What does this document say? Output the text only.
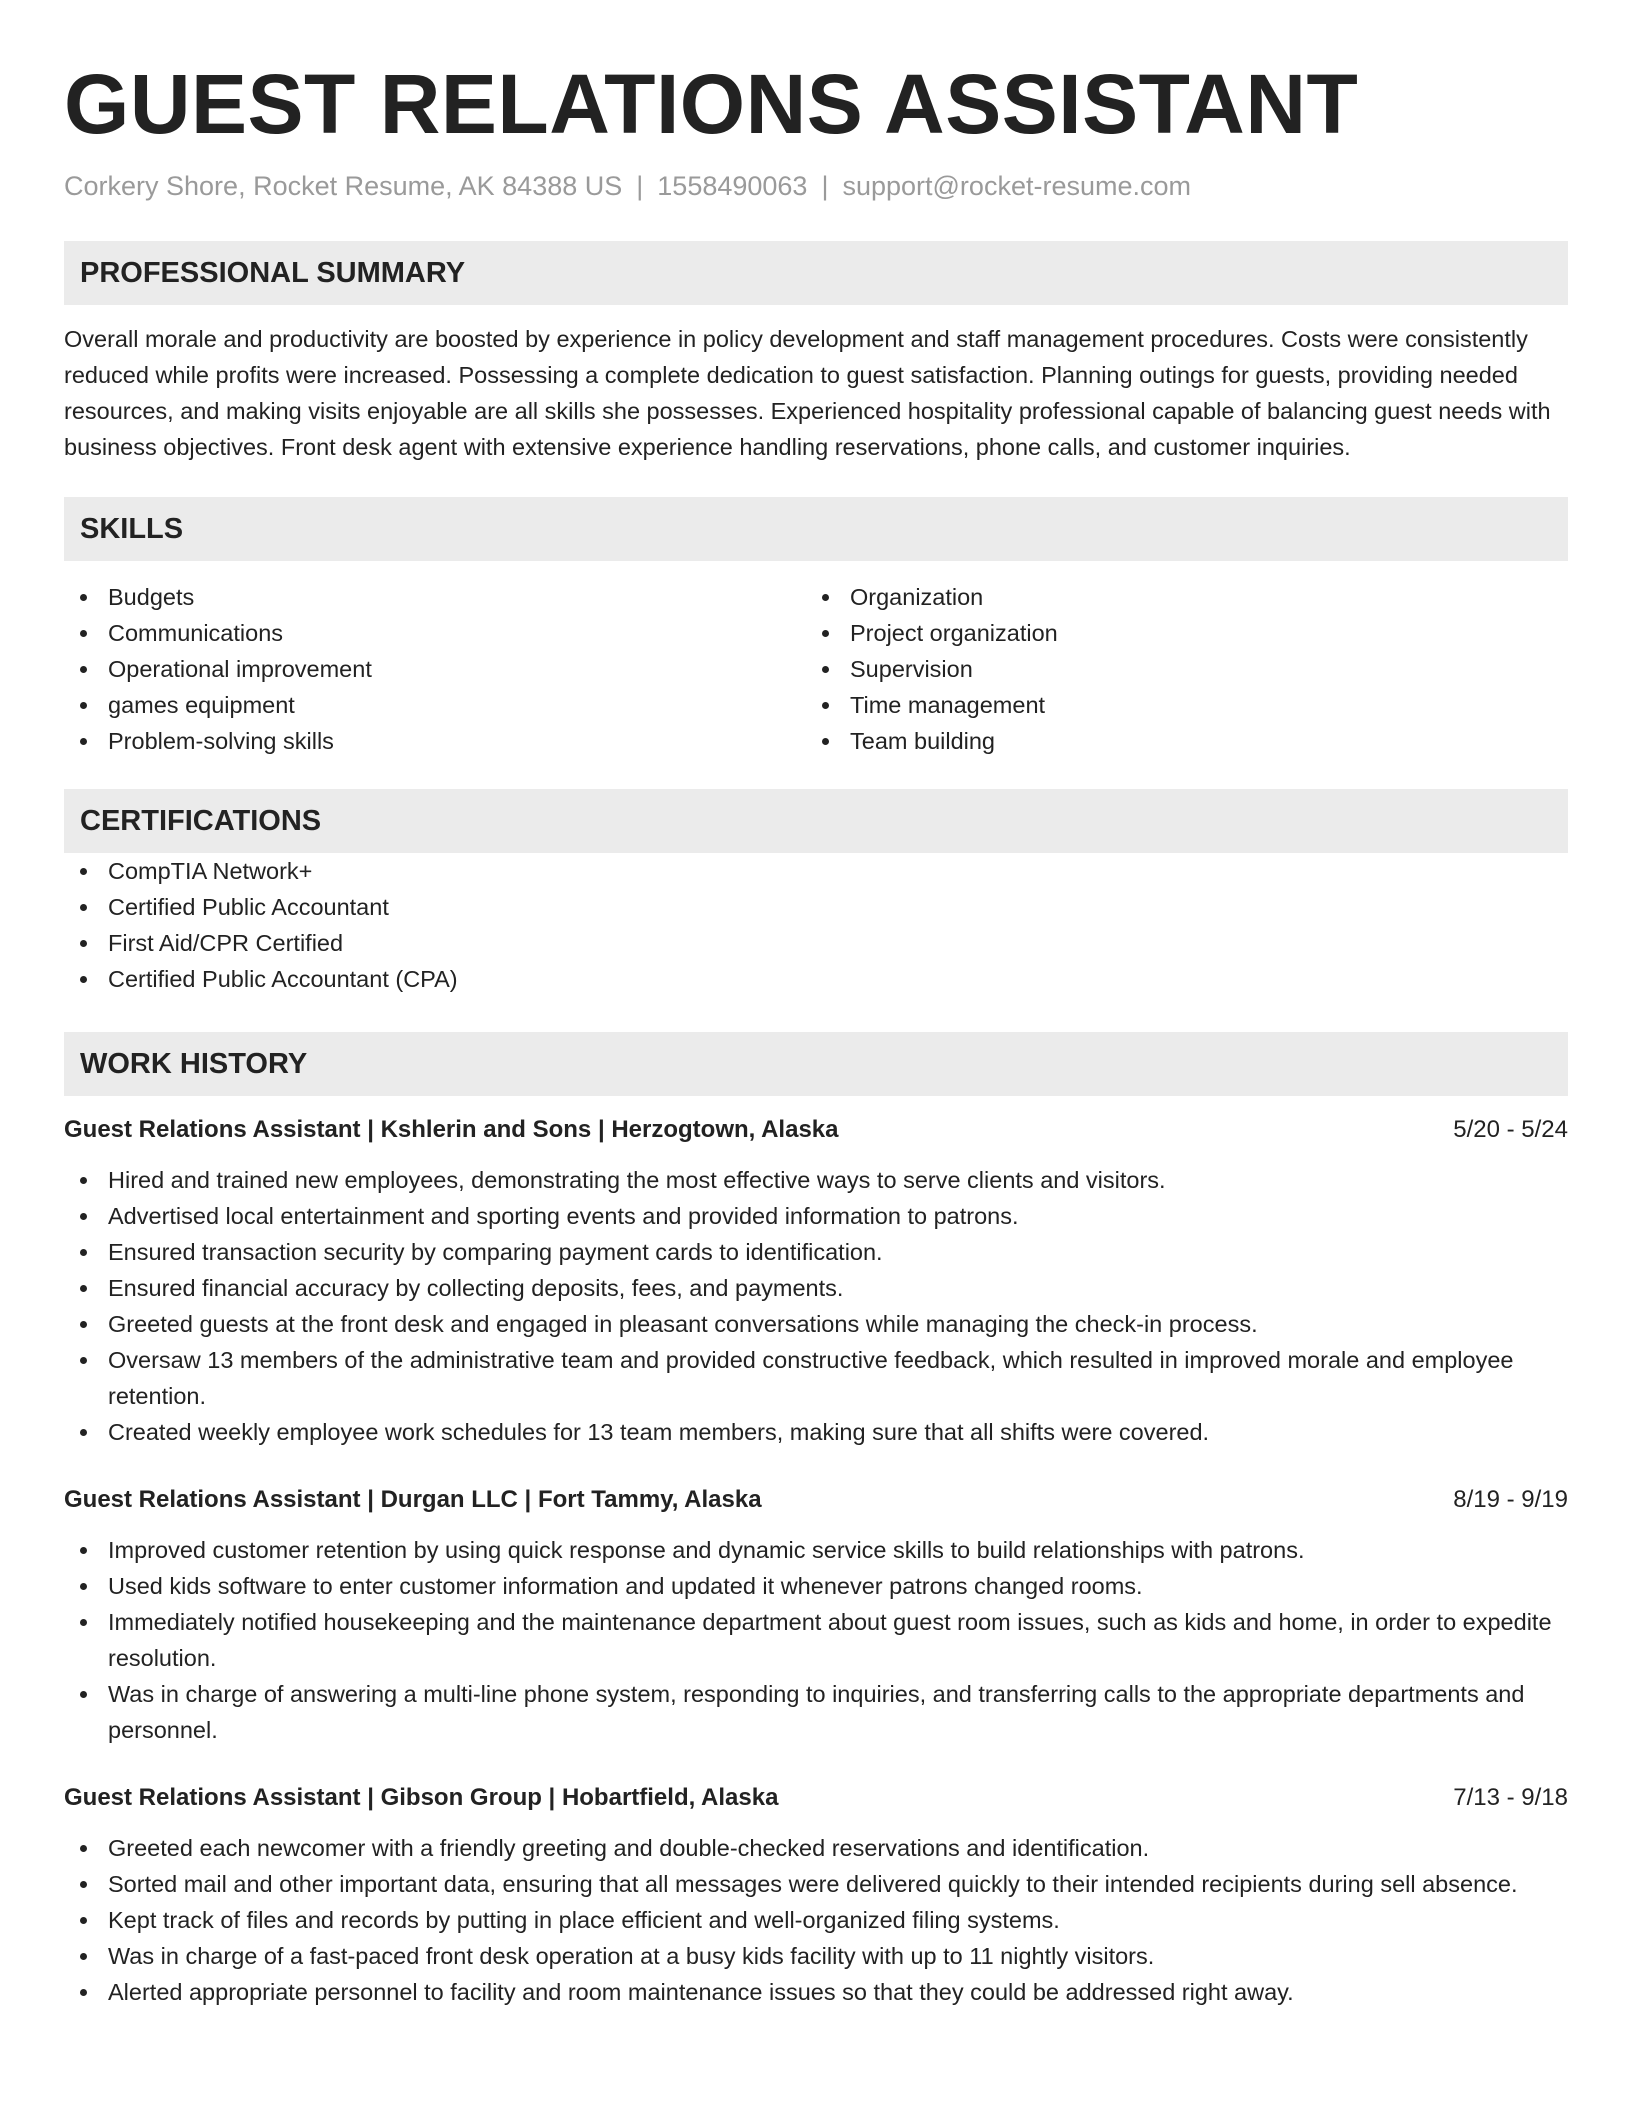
GUEST RELATIONS ASSISTANT
Corkery Shore, Rocket Resume, AK 84388 US | 1558490063 | support@rocket-resume.com
PROFESSIONAL SUMMARY

Overall morale and productivity are boosted by experience in policy development and staff management procedures. Costs were consistently reduced while profits were increased. Possessing a complete dedication to guest satisfaction. Planning outings for guests, providing needed resources, and making visits enjoyable are all skills she possesses. Experienced hospitality professional capable of balancing guest needs with business objectives. Front desk agent with extensive experience handling reservations, phone calls, and customer inquiries.

SKILLS
Budgets
Communications
Operational improvement
games equipment
Problem-solving skills
Organization
Project organization
Supervision
Time management
Team building
CERTIFICATIONS
CompTIA Network+
Certified Public Accountant
First Aid/CPR Certified
Certified Public Accountant (CPA)
WORK HISTORY
Guest Relations Assistant | Kshlerin and Sons | Herzogtown, Alaska	5/20 - 5/24
Hired and trained new employees, demonstrating the most effective ways to serve clients and visitors.
Advertised local entertainment and sporting events and provided information to patrons.
Ensured transaction security by comparing payment cards to identification.
Ensured financial accuracy by collecting deposits, fees, and payments.
Greeted guests at the front desk and engaged in pleasant conversations while managing the check-in process.
Oversaw 13 members of the administrative team and provided constructive feedback, which resulted in improved morale and employee retention.
Created weekly employee work schedules for 13 team members, making sure that all shifts were covered.
Guest Relations Assistant | Durgan LLC | Fort Tammy, Alaska	8/19 - 9/19
Improved customer retention by using quick response and dynamic service skills to build relationships with patrons.
Used kids software to enter customer information and updated it whenever patrons changed rooms.
Immediately notified housekeeping and the maintenance department about guest room issues, such as kids and home, in order to expedite resolution.
Was in charge of answering a multi-line phone system, responding to inquiries, and transferring calls to the appropriate departments and personnel.
Guest Relations Assistant | Gibson Group | Hobartfield, Alaska	7/13 - 9/18
Greeted each newcomer with a friendly greeting and double-checked reservations and identification.
Sorted mail and other important data, ensuring that all messages were delivered quickly to their intended recipients during sell absence.
Kept track of files and records by putting in place efficient and well-organized filing systems.
Was in charge of a fast-paced front desk operation at a busy kids facility with up to 11 nightly visitors.
Alerted appropriate personnel to facility and room maintenance issues so that they could be addressed right away.
